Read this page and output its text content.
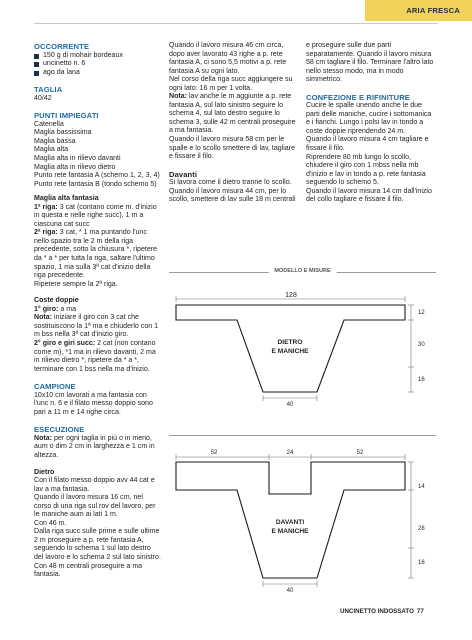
ARIA FRESCA
OCCORRENTE
150 g di mohair bordeaux
uncinetto n. 6
ago da lana
TAGLIA
40/42
PUNTI IMPIEGATI
Catenella
Maglia bassissima
Maglia bassa
Maglia alta
Maglia alta in rilievo davanti
Maglia alta in rilievo dietro
Punto rete fantasia A (schemo 1, 2, 3, 4)
Punto rete fantasia B (tondo schemo 5)
Maglia alta fantasia
1ª riga: 3 cat (contano come m. d'inizio in questa e nelle righe succ), 1 m a ciascuna cat succ
2ª riga: 3 cat, * 1 ma puntando l'unc nello spazio tra le 2 m della riga precedente, sotto la chiusura *, ripetere da * a * per tutta la riga, saltare l'ultimo spazio, 1 ma sulla 3ª cat d'inizio della riga precedente.
Ripetere sempre la 2ª riga.
Coste doppie
1° giro: a ma
Nota: iniziare il giro con 3 cat che sostituiscono la 1ª ma e chiuderlo con 1 m bss nella 3ª cat d'inizio giro.
2° giro e giri succ: 2 cat (non contano come m), *1 ma in rilievo davanti, 2 ma in rilievo dietro *, ripetere da * a *, terminare con 1 bss nella ma d'inizio.
CAMPIONE
10x10 cm lavorati a ma fantasia con l'unc n. 6 e il filato messo doppio sono pari a 11 m e 14 righe circa.
ESECUZIONE
Nota: per ogni taglia in più o in meno, aum o dim 2 cm in larghezza e 1 cm in altezza.
Dietro
Con il filato messo doppio avv 44 cat e lav a ma fantasia.
Quando il lavoro misura 16 cm, nel corso di una riga sul rov del lavoro, per le maniche aum ai lati 1 m.
Con 46 m.
Dalla riga succ sulle prime e sulle ultime 2 m proseguire a p. rete fantasia A, seguendo lo schema 1 sul lato destro del lavoro e lo schema 2 sul lato sinistro.
Con 48 m centrali proseguire a ma fantasia.
Quando il lavoro misura 46 cm circa, dopo aver lavorato 43 righe a p. rete fantasia A, ci sono 5,5 motivi a p. rete fantasia A su ogni lato.
Nel corso della riga succ aggiungere su ogni lato: 16 m per 1 volta.
Nota: lav anche le m aggiunte a p. rete fantasia A, sul lato sinistro seguire lo schema 4, sul lato destro seguire lo schema 3, sulle 42 m centrali proseguire a ma fantasia.
Quando il lavoro misura 58 cm per le spalle e lo scollo smettere di lav, tagliare e fissare il filo.
Davanti
Si lavora come il dietro tranne lo scollo. Quando il lavoro misura 44 cm, per lo scollo, smettere di lav sulle 18 m centrali
e proseguire sulle due parti separatamente. Quando il lavoro misura 58 cm tagliare il filo. Terminare l'altro lato nello stesso modo, ma in modo simmetrico.
CONFEZIONE E RIFINITURE
Cucire le spalle unendo anche le due parti delle maniche, cucire i sottomanica e i fianchi. Lungo i polsi lav in tondo a coste doppie riprendendo 24 m.
Quando il lavoro misura 4 cm tagliare e fissare il filo.
Riprendere 80 mb lungo lo scollo, chiudere il giro con 1 mbss nella mb d'inizio e lav in tondo a p. rete fantasia seguendo lo schemo 5.
Quando il lavoro misura 14 cm dall'inizio del collo tagliare e fissare il filo.
MODELLO E MISURE
128
12
30
16
40
DIETRO
E MANICHE
52	24	52
14
28
16
40
DAVANTI
E MANICHE
UNCINETTO INDOSSATO 77
